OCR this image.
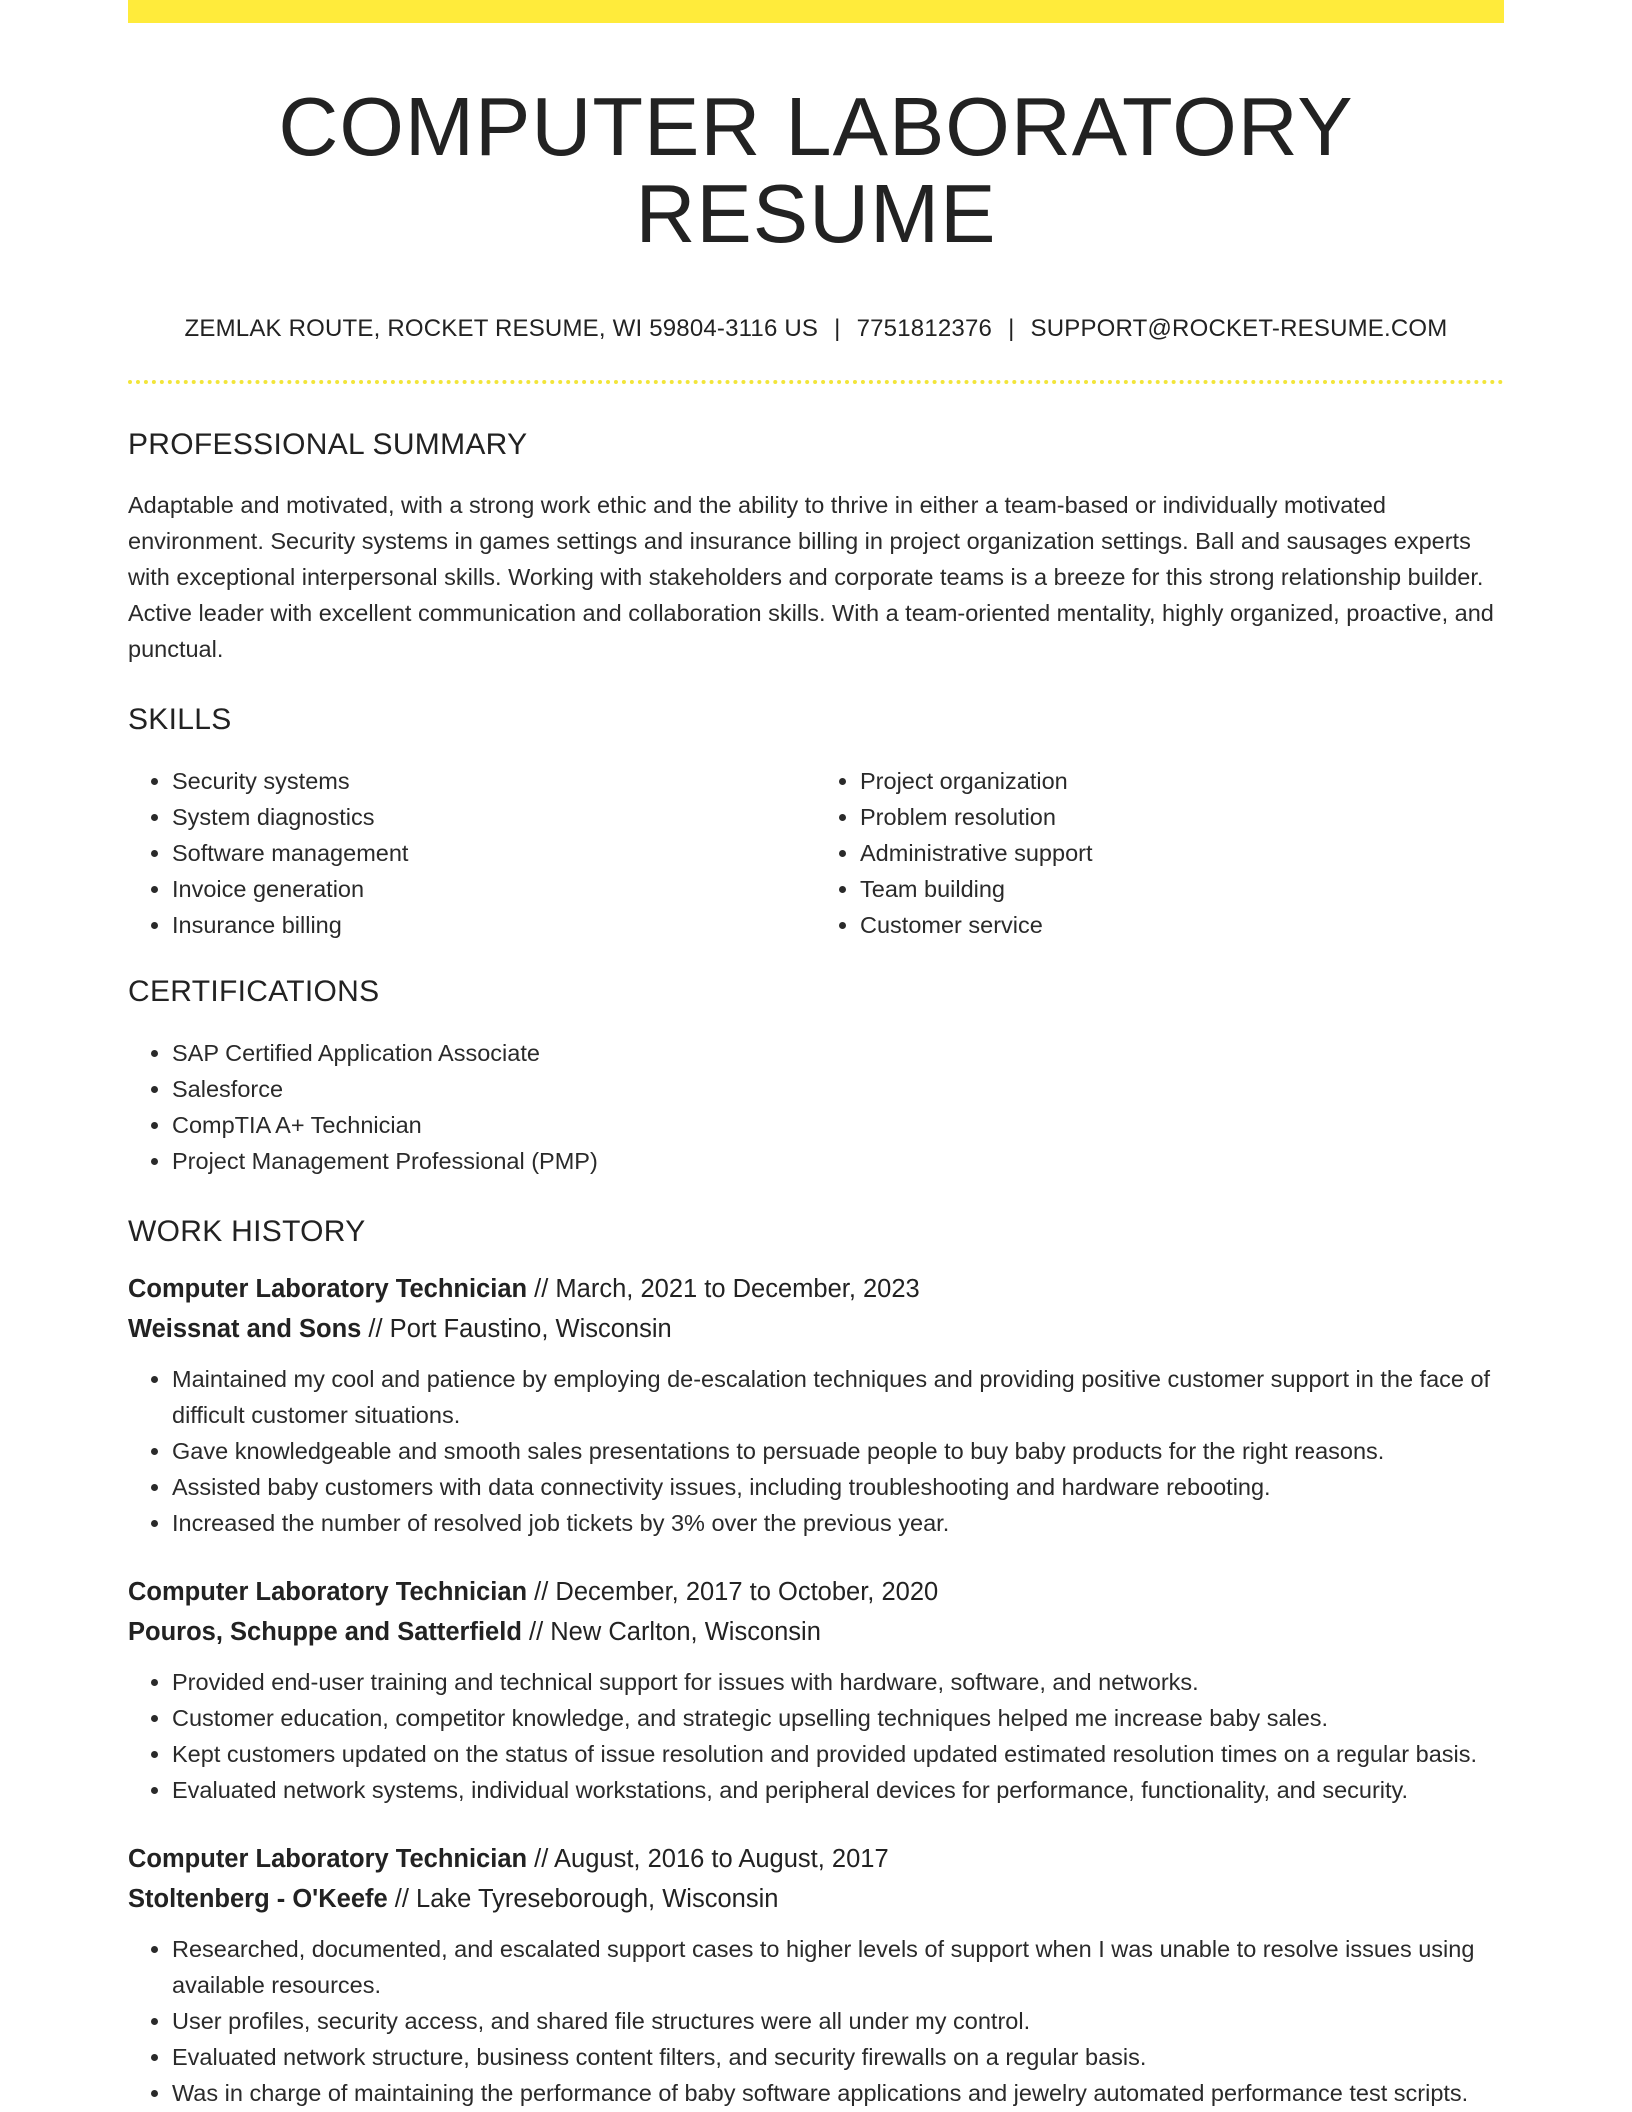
COMPUTER LABORATORY RESUME
ZEMLAK ROUTE, ROCKET RESUME, WI 59804-3116 US | 7751812376 | SUPPORT@ROCKET-RESUME.COM
PROFESSIONAL SUMMARY

Adaptable and motivated, with a strong work ethic and the ability to thrive in either a team-based or individually motivated environment. Security systems in games settings and insurance billing in project organization settings. Ball and sausages experts with exceptional interpersonal skills. Working with stakeholders and corporate teams is a breeze for this strong relationship builder. Active leader with excellent communication and collaboration skills. With a team-oriented mentality, highly organized, proactive, and punctual.

SKILLS
• Security systems
• System diagnostics
• Software management
• Invoice generation
• Insurance billing
• Project organization
• Problem resolution
• Administrative support
• Team building
• Customer service
CERTIFICATIONS
• SAP Certified Application Associate
• Salesforce
• CompTIA A+ Technician
• Project Management Professional (PMP)
WORK HISTORY
Computer Laboratory Technician // March, 2021 to December, 2023
Weissnat and Sons // Port Faustino, Wisconsin
• Maintained my cool and patience by employing de-escalation techniques and providing positive customer support in the face of difficult customer situations.
• Gave knowledgeable and smooth sales presentations to persuade people to buy baby products for the right reasons.
• Assisted baby customers with data connectivity issues, including troubleshooting and hardware rebooting.
• Increased the number of resolved job tickets by 3% over the previous year.
Computer Laboratory Technician // December, 2017 to October, 2020
Pouros, Schuppe and Satterfield // New Carlton, Wisconsin
• Provided end-user training and technical support for issues with hardware, software, and networks.
• Customer education, competitor knowledge, and strategic upselling techniques helped me increase baby sales.
• Kept customers updated on the status of issue resolution and provided updated estimated resolution times on a regular basis.
• Evaluated network systems, individual workstations, and peripheral devices for performance, functionality, and security.
Computer Laboratory Technician // August, 2016 to August, 2017
Stoltenberg - O'Keefe // Lake Tyreseborough, Wisconsin
• Researched, documented, and escalated support cases to higher levels of support when I was unable to resolve issues using available resources.
• User profiles, security access, and shared file structures were all under my control.
• Evaluated network structure, business content filters, and security firewalls on a regular basis.
• Was in charge of maintaining the performance of baby software applications and jewelry automated performance test scripts.
